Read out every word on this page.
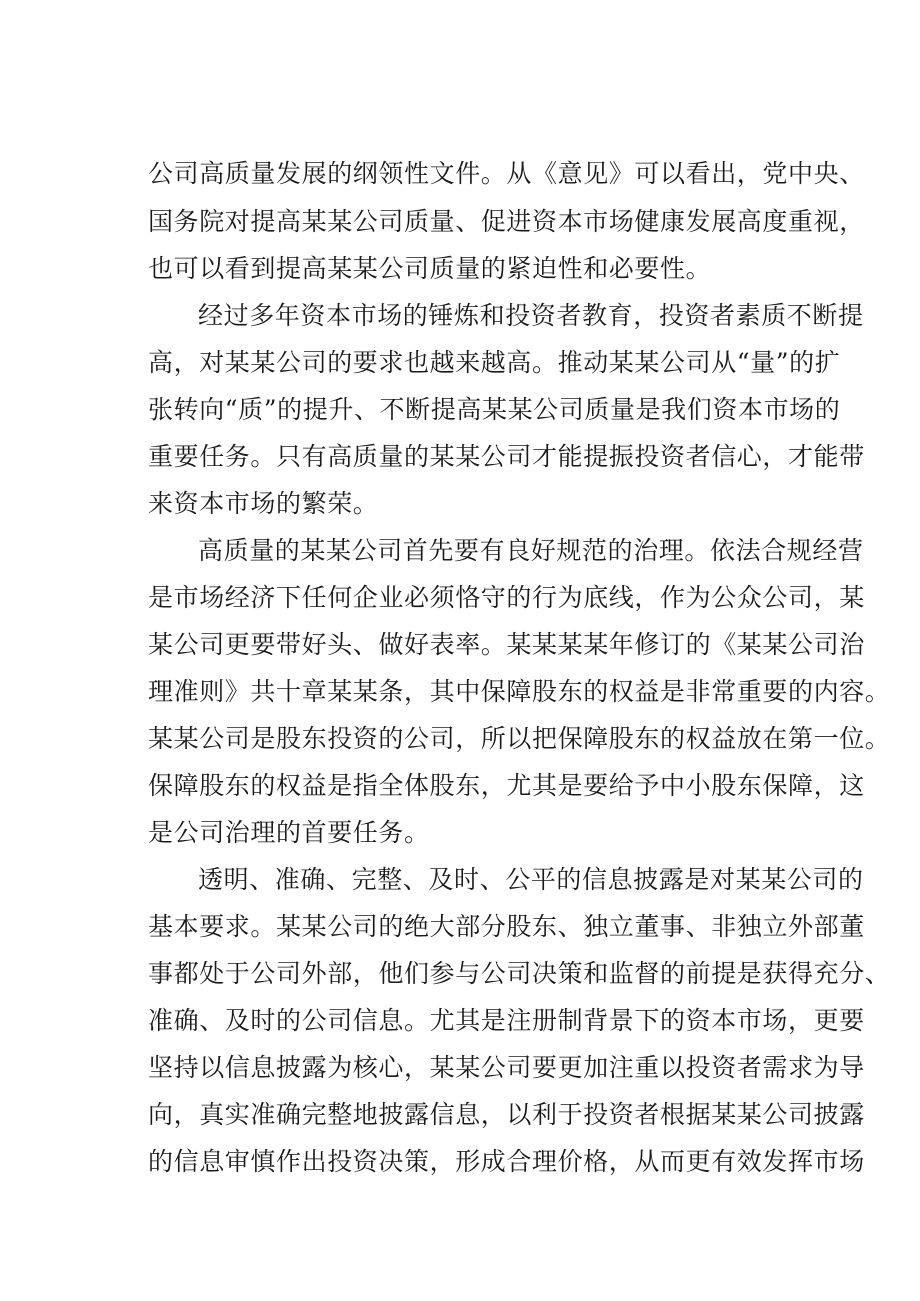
公司高质量发展的纲领性文件。从《意见》可以看出，党中央、
国务院对提高某某公司质量、促进资本市场健康发展高度重视，
也可以看到提高某某公司质量的紧迫性和必要性。
经过多年资本市场的锤炼和投资者教育，投资者素质不断提
高，对某某公司的要求也越来越高。推动某某公司从“量”的扩
张转向“质”的提升、不断提高某某公司质量是我们资本市场的
重要任务。只有高质量的某某公司才能提振投资者信心，才能带
来资本市场的繁荣。
高质量的某某公司首先要有良好规范的治理。依法合规经营
是市场经济下任何企业必须恪守的行为底线，作为公众公司，某
某公司更要带好头、做好表率。某某某某年修订的《某某公司治
理准则》共十章某某条，其中保障股东的权益是非常重要的内容。
某某公司是股东投资的公司，所以把保障股东的权益放在第一位。
保障股东的权益是指全体股东，尤其是要给予中小股东保障，这
是公司治理的首要任务。
透明、准确、完整、及时、公平的信息披露是对某某公司的
基本要求。某某公司的绝大部分股东、独立董事、非独立外部董
事都处于公司外部，他们参与公司决策和监督的前提是获得充分、
准确、及时的公司信息。尤其是注册制背景下的资本市场，更要
坚持以信息披露为核心，某某公司要更加注重以投资者需求为导
向，真实准确完整地披露信息，以利于投资者根据某某公司披露
的信息审慎作出投资决策，形成合理价格，从而更有效发挥市场
